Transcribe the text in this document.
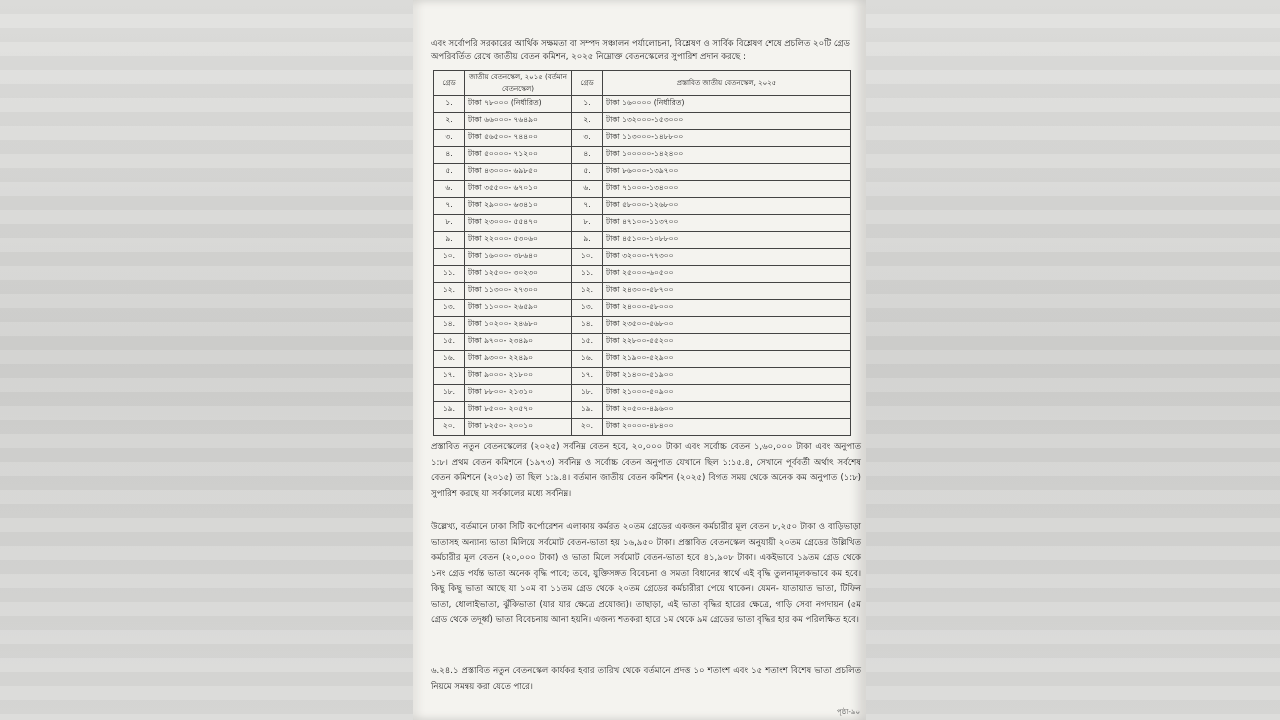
এবং সর্বোপরি সরকারের আর্থিক সক্ষমতা বা সম্পদ সঞ্চালন পর্যালোচনা, বিশ্লেষণ ও সার্বিক বিশ্লেষণ শেষে প্রচলিত ২০টি গ্রেড অপরিবর্তিত রেখে জাতীয় বেতন কমিশন, ২০২৫ নিম্নোক্ত বেতনস্কেলের সুপারিশ প্রদান করছে :
গ্রেড	জাতীয় বেতনস্কেল, ২০১৫ (বর্তমান বেতনস্কেল)	গ্রেড	প্রস্তাবিত জাতীয় বেতনস্কেল, ২০২৫
১.	টাকা ৭৮০০০ (নির্ধারিত)	১.	টাকা ১৬০০০০ (নির্ধারিত)
২.	টাকা ৬৬০০০- ৭৬৪৯০	২.	টাকা ১৩২০০০-১৫৩০০০
৩.	টাকা ৫৬৫০০- ৭৪৪০০	৩.	টাকা ১১৩০০০-১৪৮৮০০
৪.	টাকা ৫০০০০- ৭১২০০	৪.	টাকা ১০০০০০-১৪২৪০০
৫.	টাকা ৪৩০০০- ৬৯৮৫০	৫.	টাকা ৮৬০০০-১৩৯৭০০
৬.	টাকা ৩৫৫০০- ৬৭০১০	৬.	টাকা ৭১০০০-১৩৪০০০
৭.	টাকা ২৯০০০- ৬৩৪১০	৭.	টাকা ৫৮০০০-১২৬৮০০
৮.	টাকা ২৩০০০- ৫৫৪৭০	৮.	টাকা ৪৭১০০-১১৩৭০০
৯.	টাকা ২২০০০- ৫৩০৬০	৯.	টাকা ৪৫১০০-১০৮৮০০
১০.	টাকা ১৬০০০- ৩৮৬৪০	১০.	টাকা ৩২০০০-৭৭৩০০
১১.	টাকা ১২৫০০- ৩০২৩০	১১.	টাকা ২৫০০০-৬০৫০০
১২.	টাকা ১১৩০০- ২৭৩০০	১২.	টাকা ২৪৩০০-৫৮৭০০
১৩.	টাকা ১১০০০- ২৬৫৯০	১৩.	টাকা ২৪০০০-৫৮০০০
১৪.	টাকা ১০২০০- ২৪৬৮০	১৪.	টাকা ২৩৫০০-৫৬৮০০
১৫.	টাকা ৯৭০০- ২৩৪৯০	১৫.	টাকা ২২৮০০-৫৫২০০
১৬.	টাকা ৯৩০০- ২২৪৯০	১৬.	টাকা ২১৯০০-৫২৯০০
১৭.	টাকা ৯০০০- ২১৮০০	১৭.	টাকা ২১৪০০-৫১৯০০
১৮.	টাকা ৮৮০০- ২১৩১০	১৮.	টাকা ২১০০০-৫০৯০০
১৯.	টাকা ৮৫০০- ২০৫৭০	১৯.	টাকা ২০৫০০-৪৯৬০০
২০.	টাকা ৮২৫০- ২০০১০	২০.	টাকা ২০০০০-৪৮৪০০
প্রস্তাবিত নতুন বেতনস্কেলের (২০২৫) সর্বনিম্ন বেতন হবে, ২০,০০০ টাকা এবং সর্বোচ্চ বেতন ১,৬০,০০০ টাকা এবং অনুপাত ১:৮। প্রথম বেতন কমিশনে (১৯৭৩) সর্বনিম্ন ও সর্বোচ্চ বেতন অনুপাত যেখানে ছিল ১:১৫.৪, সেখানে পূর্ববর্তী অর্থাৎ সর্বশেষ বেতন কমিশনে (২০১৫) তা ছিল ১:৯.৪। বর্তমান জাতীয় বেতন কমিশন (২০২৫) বিগত সময় থেকে অনেক কম অনুপাত (১:৮) সুপারিশ করছে যা সর্বকালের মধ্যে সর্বনিম্ন।
উল্লেখ্য, বর্তমানে ঢাকা সিটি কর্পোরেশন এলাকায় কর্মরত ২০তম গ্রেডের একজন কর্মচারীর মূল বেতন ৮,২৫০ টাকা ও বাড়িভাড়া ভাতাসহ অন্যান্য ভাতা মিলিয়ে সর্বমোট বেতন-ভাতা হয় ১৬,৯৫০ টাকা। প্রস্তাবিত বেতনস্কেল অনুযায়ী ২০তম গ্রেডের উল্লিখিত কর্মচারীর মূল বেতন (২০,০০০ টাকা) ও ভাতা মিলে সর্বমোট বেতন-ভাতা হবে ৪১,৯০৮ টাকা। একইভাবে ১৯তম গ্রেড থেকে ১নং গ্রেড পর্যন্ত ভাতা অনেক বৃদ্ধি পাবে; তবে, যুক্তিসঙ্গত বিবেচনা ও সমতা বিধানের স্বার্থে এই বৃদ্ধি তুলনামূলকভাবে কম হবে। কিছু কিছু ভাতা আছে যা ১০ম বা ১১তম গ্রেড থেকে ২০তম গ্রেডের কর্মচারীরা পেয়ে থাকেন। যেমন- যাতায়াত ভাতা, টিফিন ভাতা, ধোলাইভাতা, ঝুঁকিভাতা (যার যার ক্ষেত্রে প্রযোজ্য)। তাছাড়া, এই ভাতা বৃদ্ধির হারের ক্ষেত্রে, গাড়ি সেবা নগদায়ন (৫ম গ্রেড থেকে তদূর্ধ্ব) ভাতা বিবেচনায় আনা হয়নি। এজন্য শতকরা হারে ১ম থেকে ৯ম গ্রেডের ভাতা বৃদ্ধির হার কম পরিলক্ষিত হবে।
৬.২৪.১ প্রস্তাবিত নতুন বেতনস্কেল কার্যকর হবার তারিখ থেকে বর্তমানে প্রদত্ত ১০ শতাংশ এবং ১৫ শতাংশ বিশেষ ভাতা প্রচলিত নিয়মে সমন্বয় করা যেতে পারে।
পৃষ্ঠা-৯০
